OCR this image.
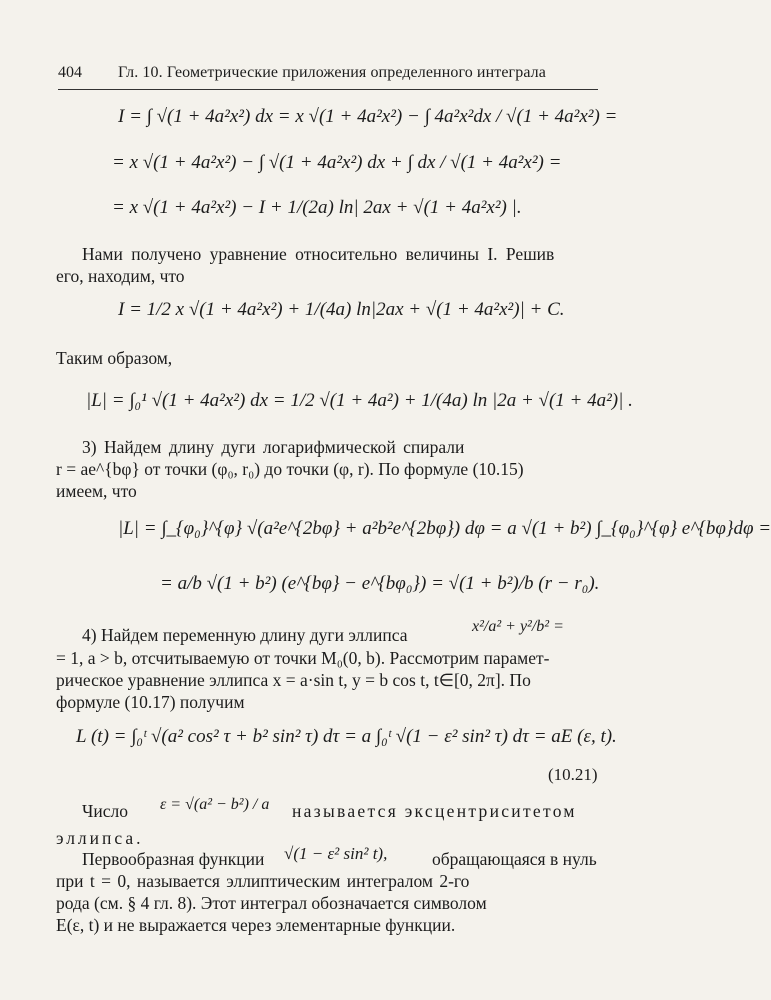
404	Гл. 10. Геометрические приложения определенного интеграла
I = ∫ √(1 + 4a²x²) dx = x √(1 + 4a²x²) − ∫ 4a²x²dx / √(1 + 4a²x²) =
= x √(1 + 4a²x²) − ∫ √(1 + 4a²x²) dx + ∫ dx / √(1 + 4a²x²) =
= x √(1 + 4a²x²) − I + 1/(2a) ln| 2ax + √(1 + 4a²x²) |.
Нами получено уравнение относительно величины I. Решив
его, находим, что
I = 1/2 x √(1 + 4a²x²) + 1/(4a) ln|2ax + √(1 + 4a²x²)| + C.
Таким образом,
|L| = ∫₀¹ √(1 + 4a²x²) dx = 1/2 √(1 + 4a²) + 1/(4a) ln |2a + √(1 + 4a²)| .
3) Найдем длину дуги логарифмической спирали
r = ae^{bφ} от точки (φ₀, r₀) до точки (φ, r). По формуле (10.15)
имеем, что
|L| = ∫_{φ₀}^{φ} √(a²e^{2bφ} + a²b²e^{2bφ}) dφ = a √(1 + b²) ∫_{φ₀}^{φ} e^{bφ}dφ =
= a/b √(1 + b²) (e^{bφ} − e^{bφ₀}) = √(1 + b²)/b (r − r₀).
4) Найдем переменную длину дуги эллипса	x²/a² + y²/b² =
= 1, a > b, отсчитываемую от точки M₀(0, b). Рассмотрим парамет-
рическое уравнение эллипса x = a·sin t, y = b cos t, t∈[0, 2π]. По
формуле (10.17) получим
L (t) = ∫₀ᵗ √(a² cos² τ + b² sin² τ) dτ = a ∫₀ᵗ √(1 − ε² sin² τ) dτ = aE (ε, t).
(10.21)
Число ε = √(a² − b²) / a называется эксцентриситетом
эллипса.
Первообразная функции √(1 − ε² sin² t),	обращающаяся в нуль
при t = 0, называется эллиптическим интегралом 2-го
рода (см. § 4 гл. 8). Этот интеграл обозначается символом
E(ε, t) и не выражается через элементарные функции.
